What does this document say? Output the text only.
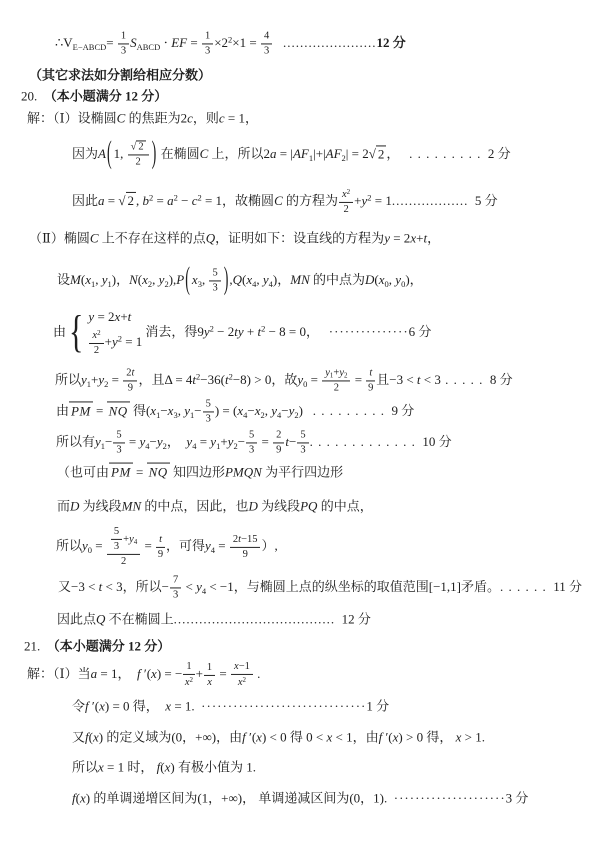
$\therefore V_{E-ABCD}= \frac{1}{3} S_{ABCD}$ ⋅ EF = $\frac{1}{3} \times 2^2\times 1 = \frac{4}{3} ......................12$ 分
（其它求法如分割给相应分数）
20.  （本小题满分 12 分）
解：（Ⅰ）设椭圆C 的焦距为2c，则c = 1，
因为A ( 1, $\frac{√ 2}{2}$ ) 在椭圆C 上，所以$2a = |AF_1|+|AF_2| = 2√$ 2 ，   . . . . . . . . .  2 分
因此a = √ 2 , $b^2 = a^2 - c^2 = 1$，故椭圆C 的方程为 $\frac{x^2}{2} +y^2 = 1$..................  5 分
（Ⅱ）椭圆C 上不存在这样的点Q，证明如下：设直线的方程为y = 2x+t，
设$M(x_1$, $y_1$)，$N(x_2$, $y_2),P$ ( $x_3$, $\frac{5}{3}$ ) $,Q(x_4$, $y_4$)，MN 的中点为$D(x_0$, $y_0$)，
由 { y = 2x+t
$\frac{x^2}{2} +y^2 = 1$
消去，得$9y^2 - 2ty + t^2 - 8 = 0$，   ···············6 分
所以$y_1+y_2 = \frac{2t}{9}$ ，且$\Delta = 4t^2-36(t^2-8) > 0$，故$y_0 = \frac{y1+y2}{2} = \frac{t}{9}$ 且−3 < t < 3 . . . . .  8 分
由 PM = NQ 得($x_1-x_3$, $y_1- \frac{5}{3}$ ) = ($x_4-x_2$, $y_4-y_2$)   . . . . . . . . .  9 分
所以有$y_1- \frac{5}{3} = y_4-y_2$，  $y_4 = y_1+y_2- \frac{5}{3} = \frac{2}{9} t- \frac{5}{3}$ . . . . . . . . . . . . .  10 分
（也可由 PM = NQ 知四边形PMQN 为平行四边形
而D 为线段MN 的中点，因此，也D 为线段PQ 的中点，
所以$y_0 = \frac{\frac{5}{3} +y4}{2} = \frac{t}{9}$ ，可得$y_4 = \frac{2t-15}{9}$ ）,
又−3 < t < 3，所以− $\frac{7}{3} < y_4 < -1$，与椭圆上点的纵坐标的取值范围[−1,1]矛盾。. . . . . .  11 分
因此点Q 不在椭圆上......................................  12 分
21.  （本小题满分 12 分）
解：（Ⅰ）当a = 1，  f ′(x) = − $\frac{1}{x^2} + \frac{1}{x} = \frac{x-1}{x^2}$ .
令f ′(x) = 0 得，  x = 1.  ·······························1 分
又f(x) 的定义域为(0，+∞)，由f ′(x) < 0 得 0 < x < 1，由f ′(x) > 0 得， x > 1.
所以x = 1 时， f(x) 有极小值为 1.
f(x) 的单调递增区间为(1，+∞)， 单调递减区间为(0，1).  ·····················3 分
